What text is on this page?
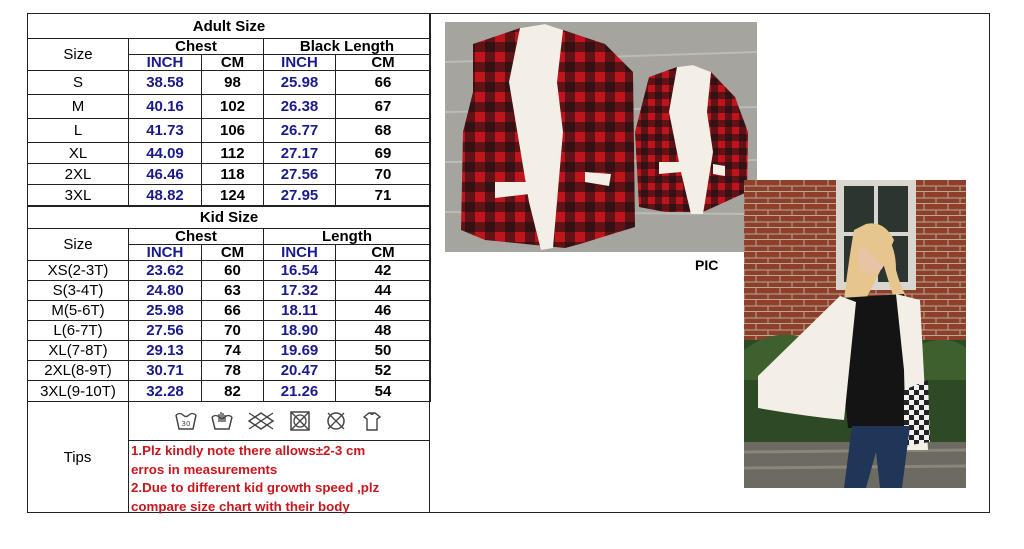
Adult Size				
Size	Chest		Black Length	
	INCH	CM	INCH	CM
S	38.58	98	25.98	66
M	40.16	102	26.38	67
L	41.73	106	26.77	68
XL	44.09	112	27.17	69
2XL	46.46	118	27.56	70
3XL	48.82	124	27.95	71
Kid Size				
Size	Chest		Length	
	INCH	CM	INCH	CM
XS(2-3T)	23.62	60	16.54	42
S(3-4T)	24.80	63	17.32	44
M(5-6T)	25.98	66	18.11	46
L(6-7T)	27.56	70	18.90	48
XL(7-8T)	29.13	74	19.69	50
2XL(8-9T)	30.71	78	20.47	52
3XL(9-10T)	32.28	82	21.26	54
Tips
30
1.Plz kindly note there allows±2-3 cm
erros in measurements
2.Due to different kid growth speed ,plz
compare size chart with their body
PIC
